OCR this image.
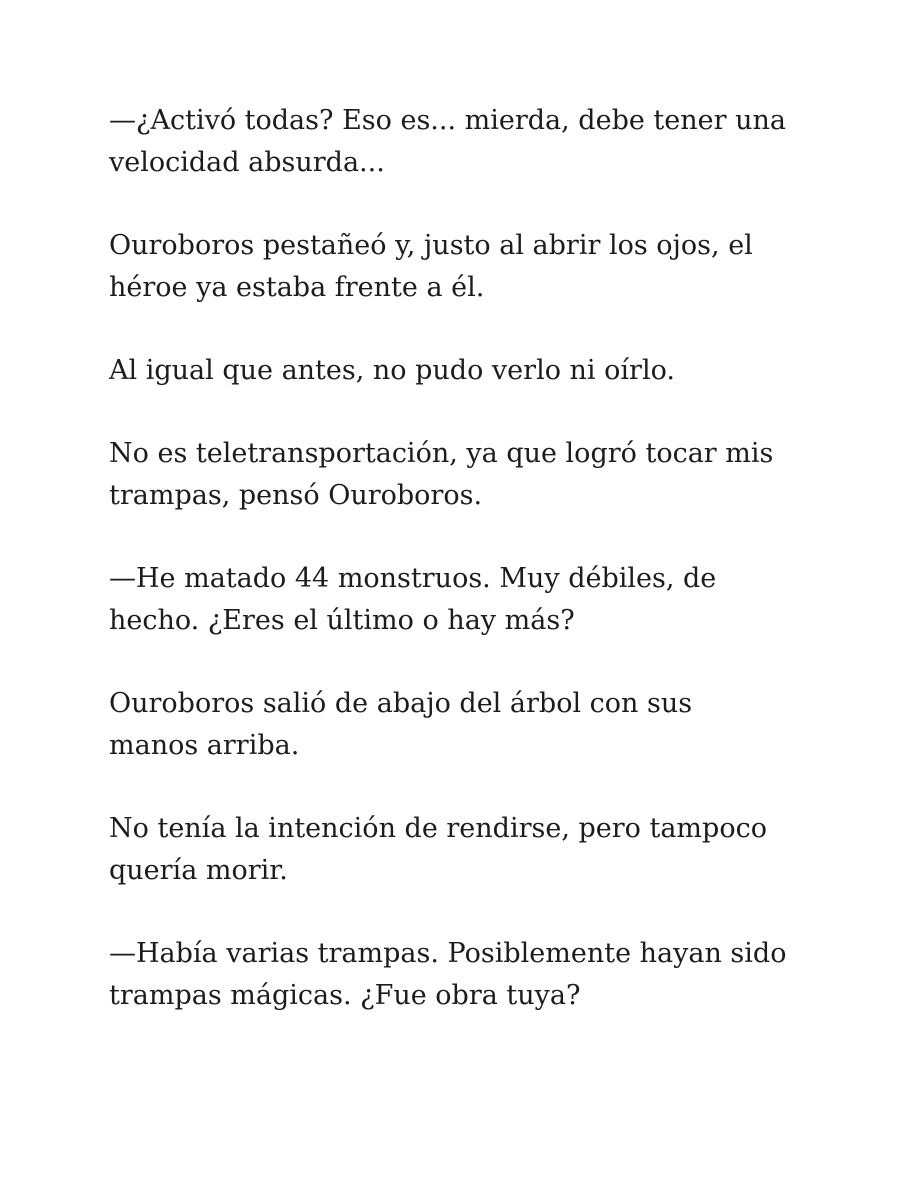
—¿Activó todas? Eso es... mierda, debe tener una
velocidad absurda...

Ouroboros pestañeó y, justo al abrir los ojos, el
héroe ya estaba frente a él.

Al igual que antes, no pudo verlo ni oírlo.

No es teletransportación, ya que logró tocar mis
trampas, pensó Ouroboros.

—He matado 44 monstruos. Muy débiles, de
hecho. ¿Eres el último o hay más?

Ouroboros salió de abajo del árbol con sus
manos arriba.

No tenía la intención de rendirse, pero tampoco
quería morir.

—Había varias trampas. Posiblemente hayan sido
trampas mágicas. ¿Fue obra tuya?
